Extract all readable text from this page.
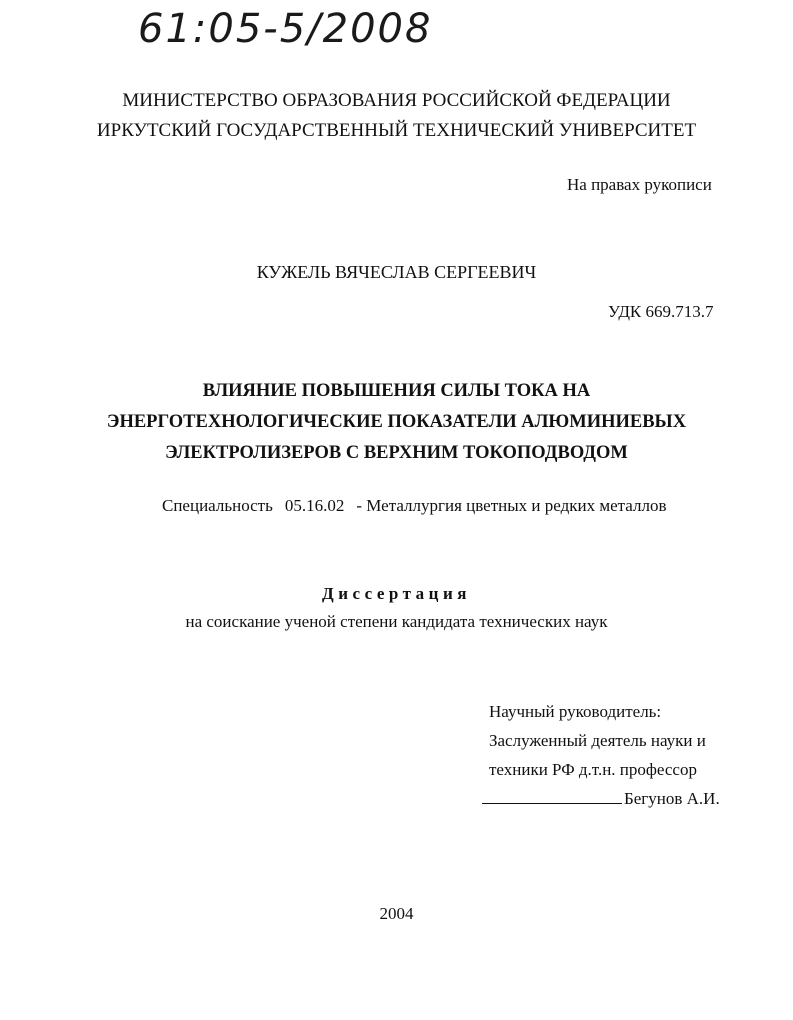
61:05-5/2008
МИНИСТЕРСТВО ОБРАЗОВАНИЯ РОССИЙСКОЙ ФЕДЕРАЦИИ
ИРКУТСКИЙ ГОСУДАРСТВЕННЫЙ ТЕХНИЧЕСКИЙ УНИВЕРСИТЕТ
На правах рукописи
КУЖЕЛЬ ВЯЧЕСЛАВ СЕРГЕЕВИЧ
УДК 669.713.7
ВЛИЯНИЕ ПОВЫШЕНИЯ СИЛЫ ТОКА НА
ЭНЕРГОТЕХНОЛОГИЧЕСКИЕ ПОКАЗАТЕЛИ АЛЮМИНИЕВЫХ
ЭЛЕКТРОЛИЗЕРОВ С ВЕРХНИМ ТОКОПОДВОДОМ
Специальность 05.16.02 - Металлургия цветных и редких металлов
Диссертация
на соискание ученой степени кандидата технических наук
Научный руководитель:
Заслуженный деятель науки и
техники РФ д.т.н. профессор
Бегунов А.И.
2004
